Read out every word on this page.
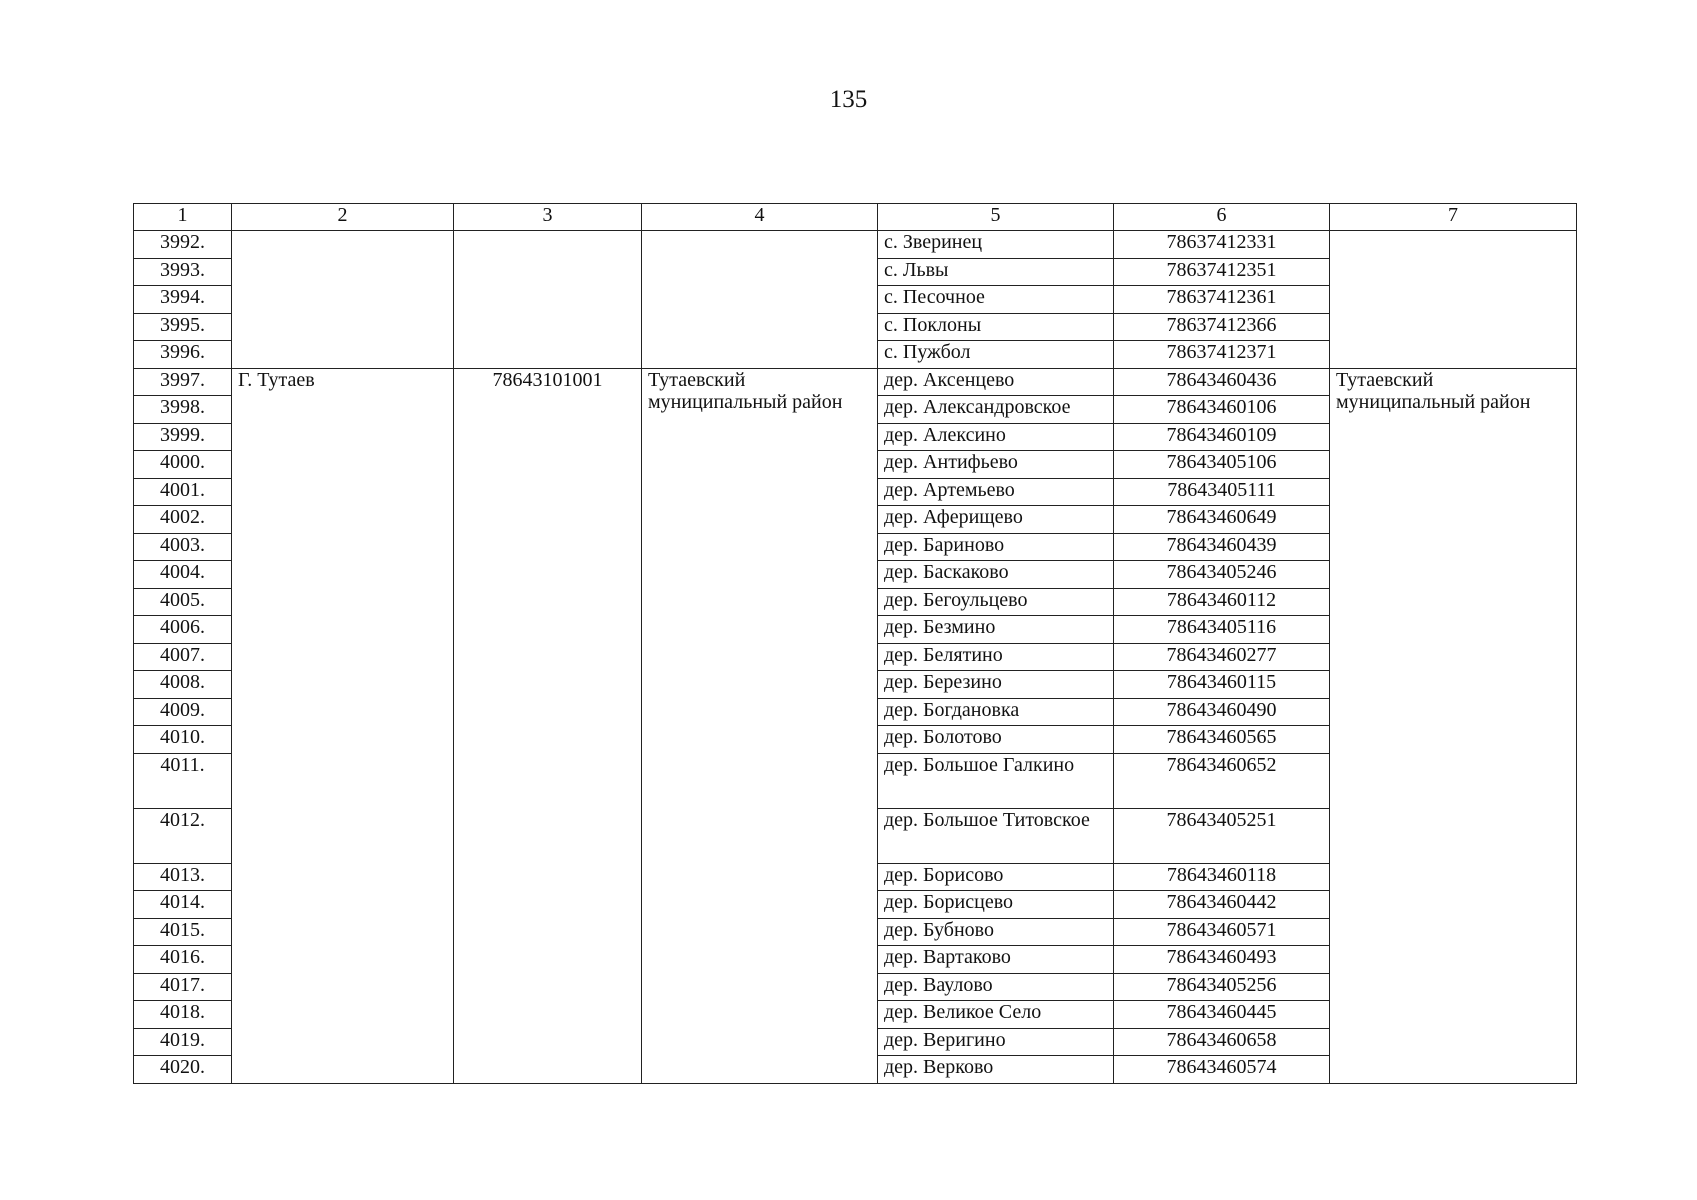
135
1	2	3	4	5	6	7
3992.				с. Зверинец	78637412331	
3993.				с. Львы	78637412351	
3994.				с. Песочное	78637412361	
3995.				с. Поклоны	78637412366	
3996.				с. Пужбол	78637412371	
3997.	Г. Тутаев	78643101001	Тутаевский муниципальный район	дер. Аксенцево	78643460436	Тутаевский муниципальный район
3998.				дер. Александровское	78643460106	
3999.				дер. Алексино	78643460109	
4000.				дер. Антифьево	78643405106	
4001.				дер. Артемьево	78643405111	
4002.				дер. Аферищево	78643460649	
4003.				дер. Бариново	78643460439	
4004.				дер. Баскаково	78643405246	
4005.				дер. Бегоульцево	78643460112	
4006.				дер. Безмино	78643405116	
4007.				дер. Белятино	78643460277	
4008.				дер. Березино	78643460115	
4009.				дер. Богдановка	78643460490	
4010.				дер. Болотово	78643460565	
4011.				дер. Большое Галкино	78643460652	
4012.				дер. Большое Титовское	78643405251	
4013.				дер. Борисово	78643460118	
4014.				дер. Борисцево	78643460442	
4015.				дер. Бубново	78643460571	
4016.				дер. Вартаково	78643460493	
4017.				дер. Ваулово	78643405256	
4018.				дер. Великое Село	78643460445	
4019.				дер. Веригино	78643460658	
4020.				дер. Верково	78643460574	
